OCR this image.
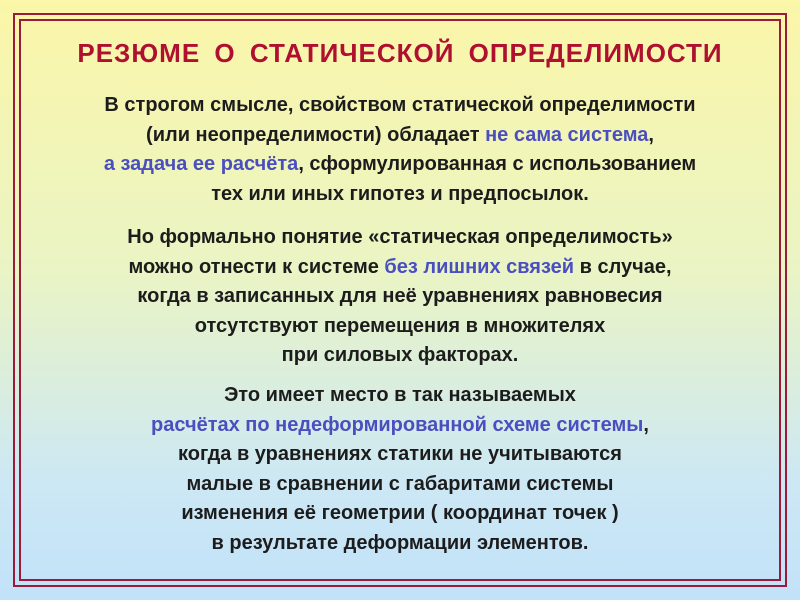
РЕЗЮМЕ О СТАТИЧЕСКОЙ ОПРЕДЕЛИМОСТИ
В строгом смысле, свойством статической определимости
(или неопределимости) обладает не сама система,
а задача ее расчёта, сформулированная с использованием
тех или иных гипотез и предпосылок.
Но формально понятие «статическая определимость»
можно отнести к системе без лишних связей в случае,
когда в записанных для неё уравнениях равновесия
отсутствуют перемещения в множителях
при силовых факторах.
Это имеет место в так называемых
расчётах по недеформированной схеме системы,
когда в уравнениях статики не учитываются
малые в сравнении с габаритами системы
изменения её геометрии ( координат точек )
в результате деформации элементов.
